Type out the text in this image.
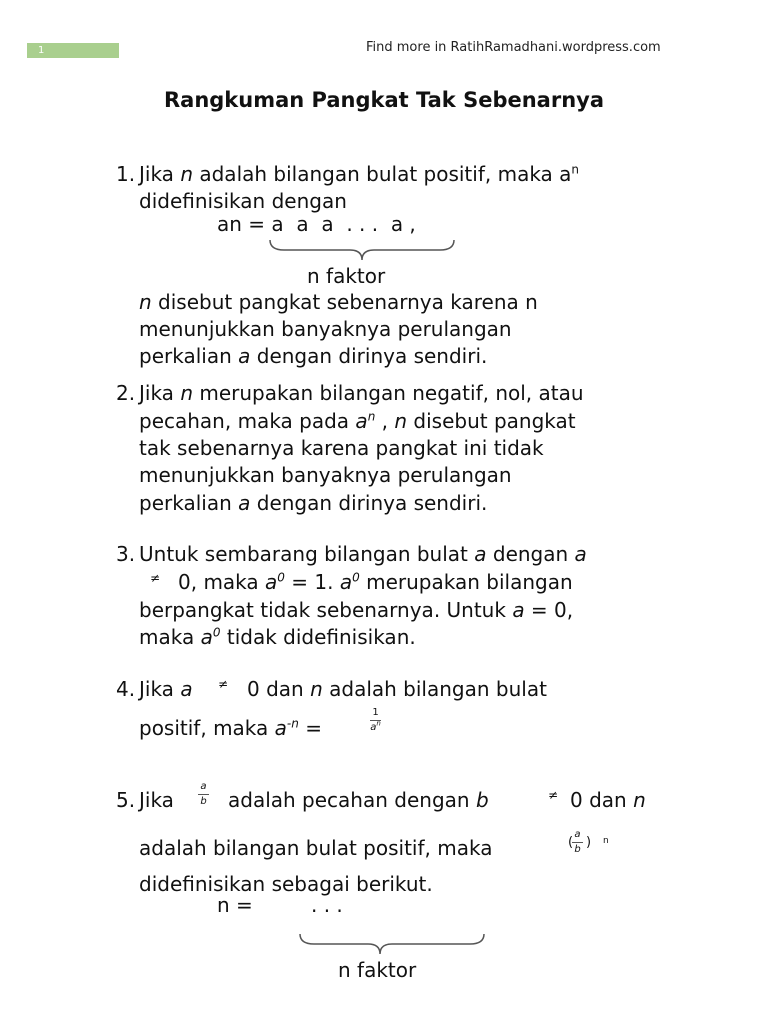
1	Find more in RatihRamadhani.wordpress.com
Rangkuman Pangkat Tak Sebenarnya
1. Jika n adalah bilangan bulat positif, maka $a^n$
didefinisikan dengan
an = a  a  a  . . .  a ,
n faktor
n disebut pangkat sebenarnya karena n
menunjukkan banyaknya perulangan
perkalian a dengan dirinya sendiri.
2. Jika n merupakan bilangan negatif, nol, atau
pecahan, maka pada $a^n$ , n disebut pangkat
tak sebenarnya karena pangkat ini tidak
menunjukkan banyaknya perulangan
perkalian a dengan dirinya sendiri.
3. Untuk sembarang bilangan bulat a dengan a
≠ 0, maka $a^0 = 1$. $a^0$ merupakan bilangan
berpangkat tidak sebenarnya. Untuk a = 0,
maka $a^0$ tidak didefinisikan.
4. Jika a ≠ 0 dan n adalah bilangan bulat
positif, maka $a^{-n}$ =
1
$a^n$
5. Jika
a
b adalah pecahan dengan b	≠ 0 dan n
adalah bilangan bulat positif, maka	(
a
b ) n
didefinisikan sebagai berikut.
n =	. . .
n faktor
